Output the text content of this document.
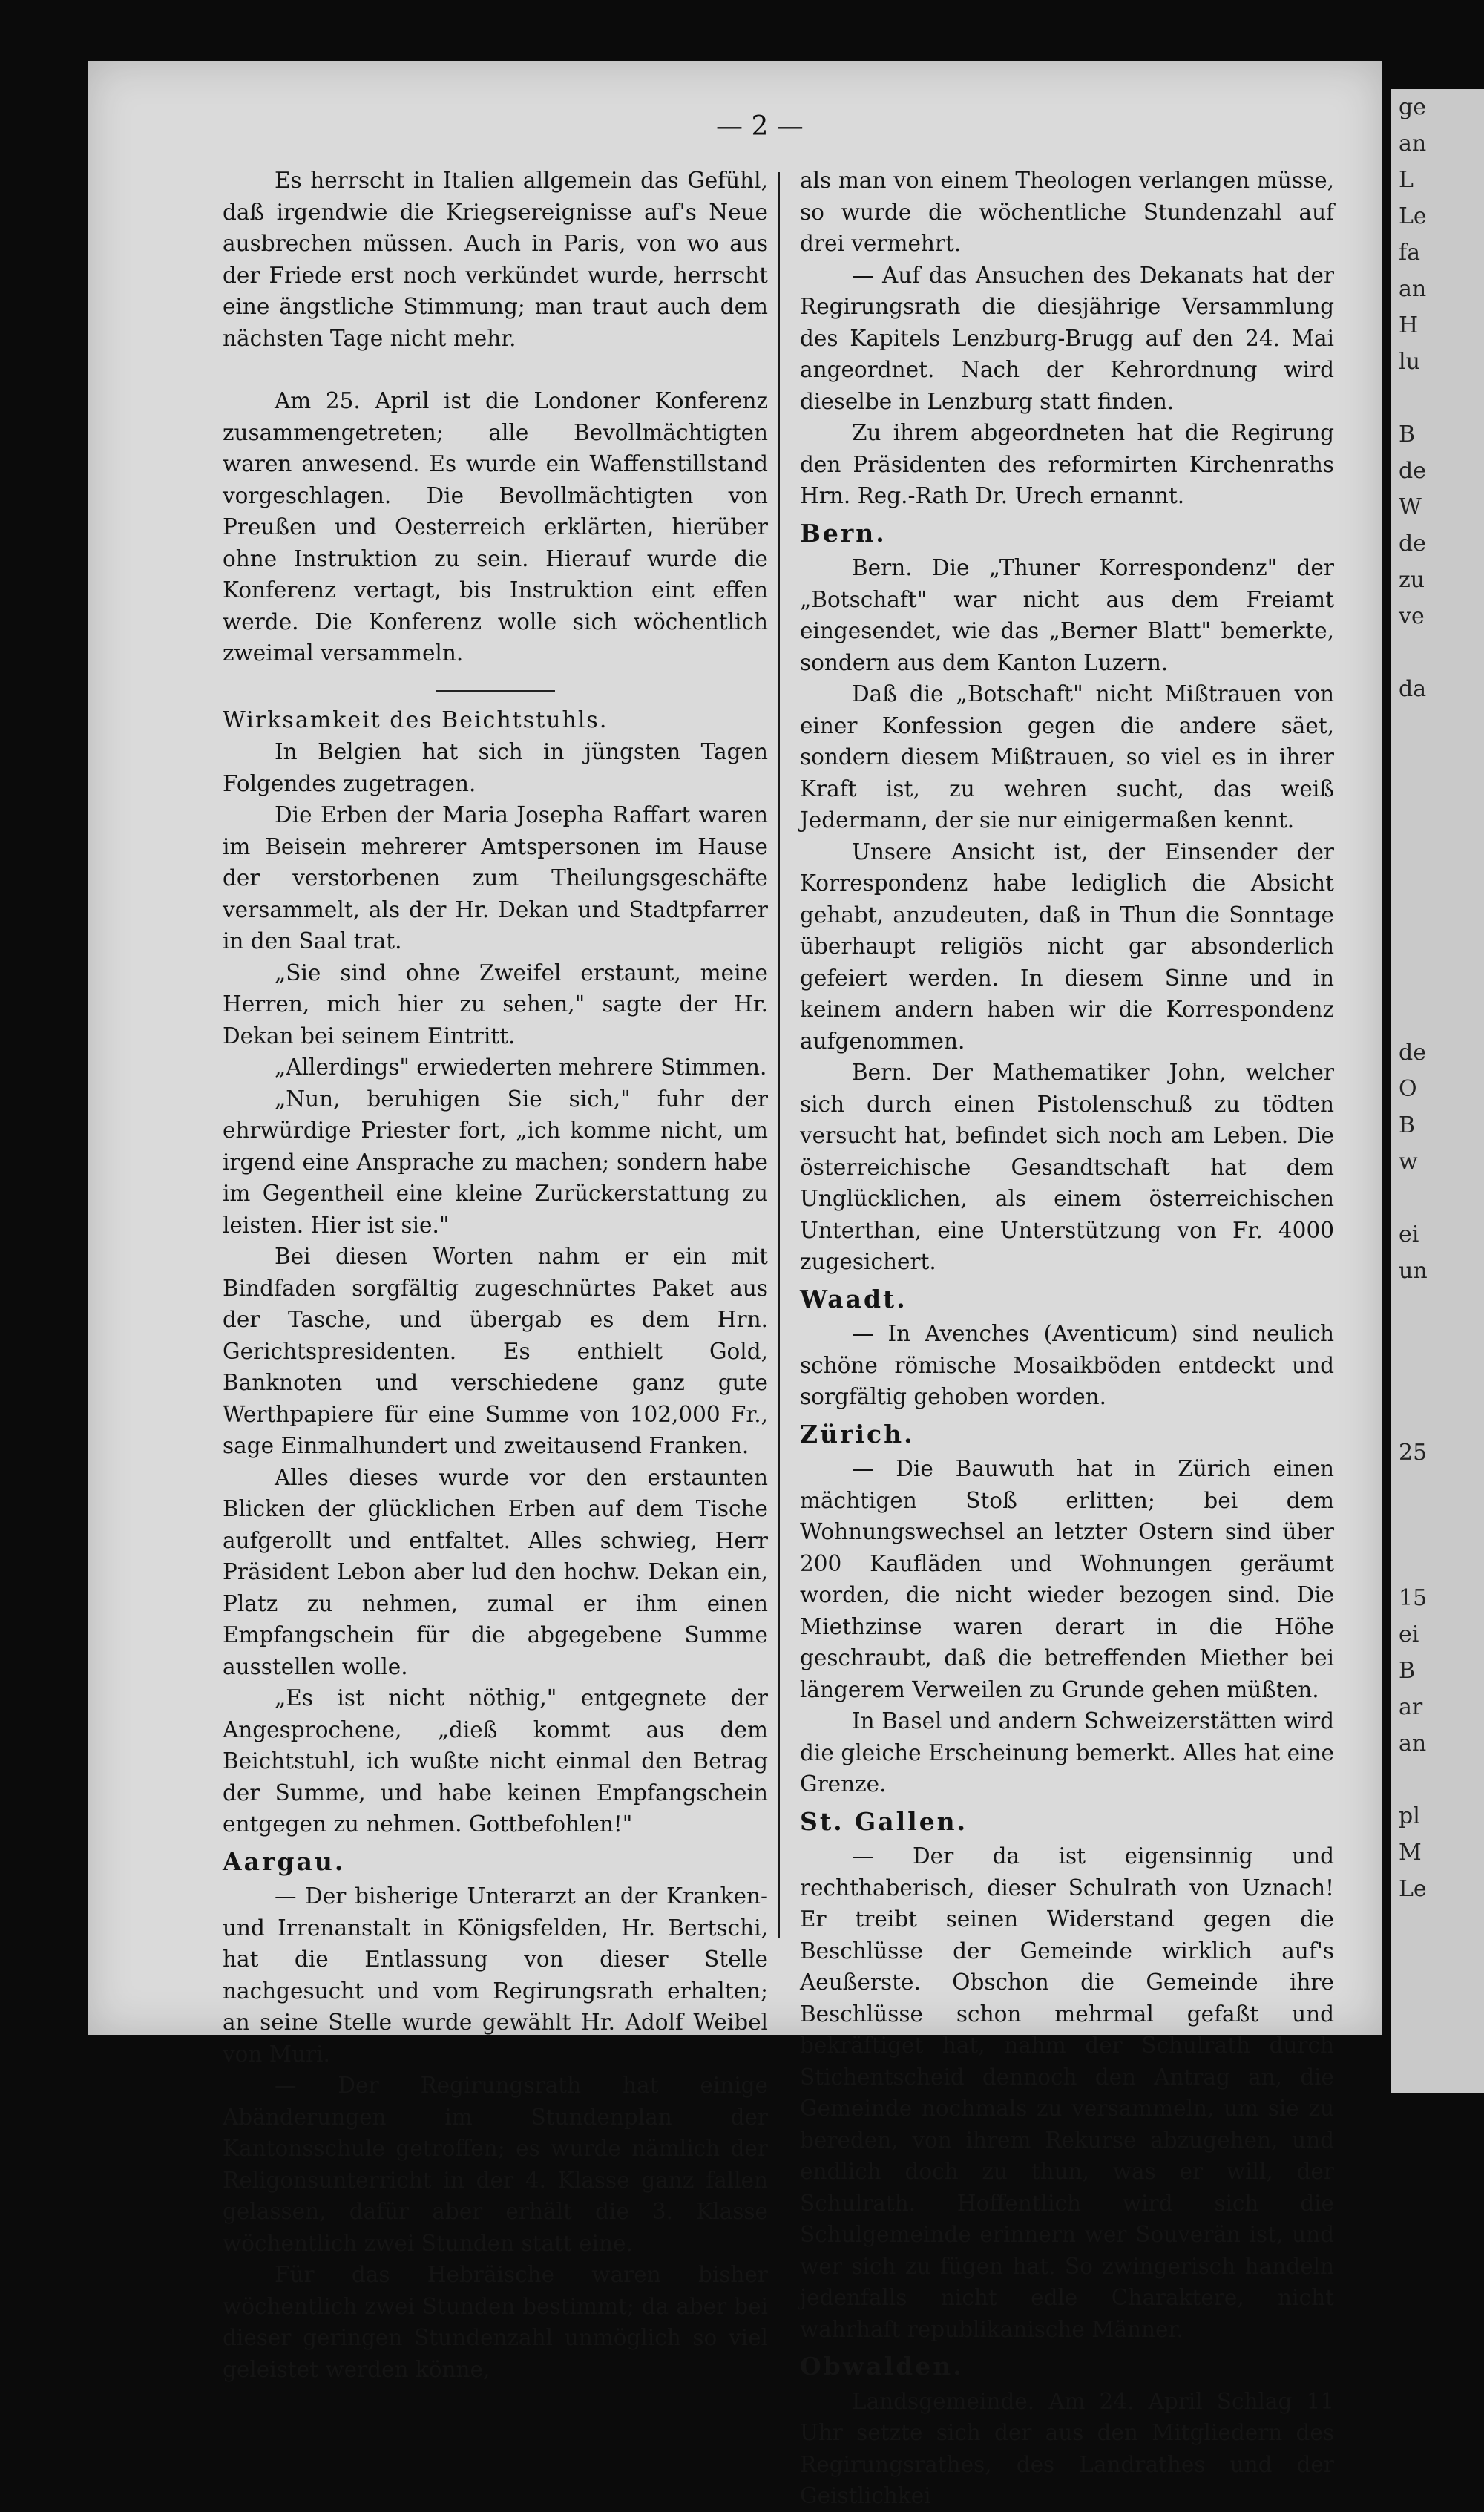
ge
an
L
Le
fa
an
H
lu

B
de
W
de
zu
ve

da

de
O
B
w

ei
un

25

15
ei
B
ar
an

pl
M
Le
— 2 —

Es herrscht in Italien allgemein das Gefühl, daß irgendwie die Kriegsereignisse auf's Neue ausbrechen müssen. Auch in Paris, von wo aus der Friede erst noch verkündet wurde, herrscht eine ängstliche Stimmung; man traut auch dem nächsten Tage nicht mehr.

Am 25. April ist die Londoner Konferenz zusammengetreten; alle Bevollmächtigten waren anwesend. Es wurde ein Waffenstillstand vorgeschlagen. Die Bevollmächtigten von Preußen und Oesterreich erklärten, hierüber ohne Instruktion zu sein. Hierauf wurde die Konferenz vertagt, bis Instruktion eint effen werde. Die Konferenz wolle sich wöchentlich zweimal versammeln.

Wirksamkeit des Beichtstuhls.

In Belgien hat sich in jüngsten Tagen Folgendes zugetragen.

Die Erben der Maria Josepha Raffart waren im Beisein mehrerer Amtspersonen im Hause der verstorbenen zum Theilungsgeschäfte versammelt, als der Hr. Dekan und Stadtpfarrer in den Saal trat.

„Sie sind ohne Zweifel erstaunt, meine Herren, mich hier zu sehen," sagte der Hr. Dekan bei seinem Eintritt.

„Allerdings" erwiederten mehrere Stimmen.

„Nun, beruhigen Sie sich," fuhr der ehrwürdige Priester fort, „ich komme nicht, um irgend eine Ansprache zu machen; sondern habe im Gegentheil eine kleine Zurückerstattung zu leisten. Hier ist sie."

Bei diesen Worten nahm er ein mit Bindfaden sorgfältig zugeschnürtes Paket aus der Tasche, und übergab es dem Hrn. Gerichtspresidenten. Es enthielt Gold, Banknoten und verschiedene ganz gute Werthpapiere für eine Summe von 102,000 Fr., sage Einmalhundert und zweitausend Franken.

Alles dieses wurde vor den erstaunten Blicken der glücklichen Erben auf dem Tische aufgerollt und entfaltet. Alles schwieg, Herr Präsident Lebon aber lud den hochw. Dekan ein, Platz zu nehmen, zumal er ihm einen Empfangschein für die abgegebene Summe ausstellen wolle.

„Es ist nicht nöthig," entgegnete der Angesprochene, „dieß kommt aus dem Beichtstuhl, ich wußte nicht einmal den Betrag der Summe, und habe keinen Empfangschein entgegen zu nehmen. Gottbefohlen!"

Aargau.

— Der bisherige Unterarzt an der Kranken- und Irrenanstalt in Königsfelden, Hr. Bertschi, hat die Entlassung von dieser Stelle nachgesucht und vom Regirungsrath erhalten; an seine Stelle wurde gewählt Hr. Adolf Weibel von Muri.

— Der Regirungsrath hat einige Abänderungen im Stundenplan der Kantonsschule getroffen; es wurde nämlich der Religonsunterricht in der 4. Klasse ganz fallen gelassen, dafür aber erhält die 3. Klasse wöchentlich zwei Stunden statt eine.

Für das Hebräische waren bisher wöchentlich zwei Stunden bestimmt; da aber bei dieser geringen Stundenzahl unmöglich so viel geleistet werden könne,

als man von einem Theologen verlangen müsse, so wurde die wöchentliche Stundenzahl auf drei vermehrt.

— Auf das Ansuchen des Dekanats hat der Regirungsrath die diesjährige Versammlung des Kapitels Lenzburg-Brugg auf den 24. Mai angeordnet. Nach der Kehrordnung wird dieselbe in Lenzburg statt finden.

Zu ihrem abgeordneten hat die Regirung den Präsidenten des reformirten Kirchenraths Hrn. Reg.-Rath Dr. Urech ernannt.

Bern.

Bern. Die „Thuner Korrespondenz" der „Botschaft" war nicht aus dem Freiamt eingesendet, wie das „Berner Blatt" bemerkte, sondern aus dem Kanton Luzern.

Daß die „Botschaft" nicht Mißtrauen von einer Konfession gegen die andere säet, sondern diesem Mißtrauen, so viel es in ihrer Kraft ist, zu wehren sucht, das weiß Jedermann, der sie nur einigermaßen kennt.

Unsere Ansicht ist, der Einsender der Korrespondenz habe lediglich die Absicht gehabt, anzudeuten, daß in Thun die Sonntage überhaupt religiös nicht gar absonderlich gefeiert werden. In diesem Sinne und in keinem andern haben wir die Korrespondenz aufgenommen.

Bern. Der Mathematiker John, welcher sich durch einen Pistolenschuß zu tödten versucht hat, befindet sich noch am Leben. Die österreichische Gesandtschaft hat dem Unglücklichen, als einem österreichischen Unterthan, eine Unterstützung von Fr. 4000 zugesichert.

Waadt.

— In Avenches (Aventicum) sind neulich schöne römische Mosaikböden entdeckt und sorgfältig gehoben worden.

Zürich.

— Die Bauwuth hat in Zürich einen mächtigen Stoß erlitten; bei dem Wohnungswechsel an letzter Ostern sind über 200 Kaufläden und Wohnungen geräumt worden, die nicht wieder bezogen sind. Die Miethzinse waren derart in die Höhe geschraubt, daß die betreffenden Miether bei längerem Verweilen zu Grunde gehen müßten.

In Basel und andern Schweizerstätten wird die gleiche Erscheinung bemerkt. Alles hat eine Grenze.

St. Gallen.

— Der da ist eigensinnig und rechthaberisch, dieser Schulrath von Uznach! Er treibt seinen Widerstand gegen die Beschlüsse der Gemeinde wirklich auf's Aeußerste. Obschon die Gemeinde ihre Beschlüsse schon mehrmal gefaßt und bekräftiget hat, nahm der Schulrath durch Stichentscheid dennoch den Antrag an, die Gemeinde nochmals zu versammeln, um sie zu bereden, von ihrem Rekurse abzugehen, und endlich doch zu thun, was er will, der Schulrath. Hoffentlich wird sich die Schulgemeinde erinnern wer Souverän ist, und wer sich zu fügen hat. So zwingerisch handeln jedenfalls nicht edle Charaktere, nicht wahrhaft republikanische Männer.

Obwalden.

Landsgemeinde. Am 24. April Schlag 11 Uhr setzte sich der aus den Mitgliedern des Regirungsrathes, des Landrathes und der Geistlichkei
